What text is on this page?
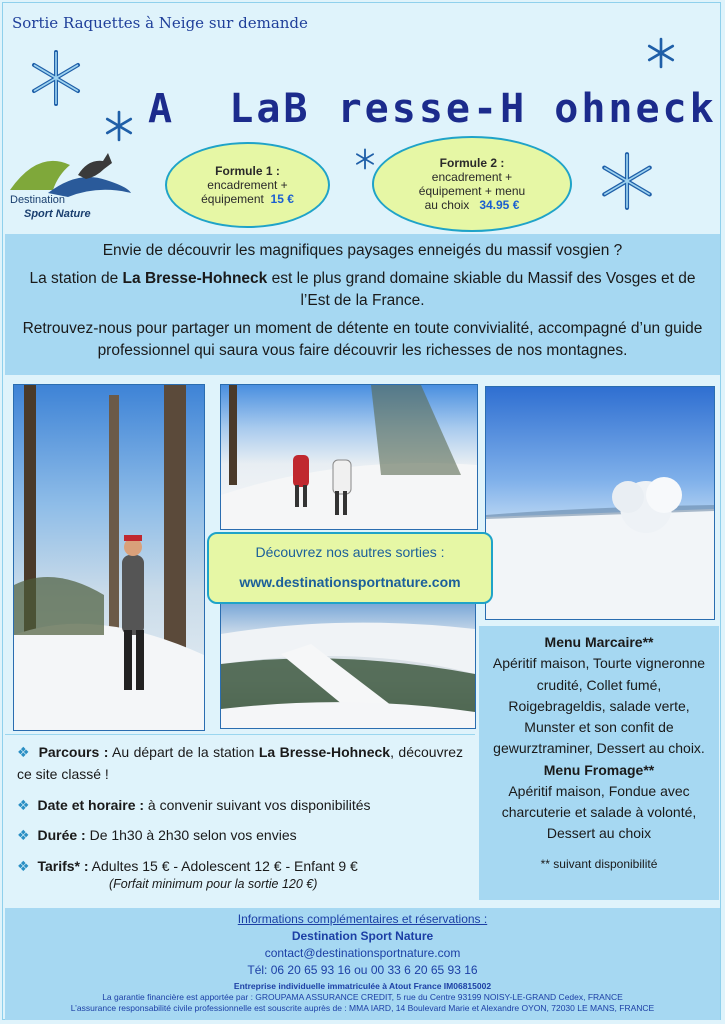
Sortie Raquettes à Neige sur demande
A  LaB resse-H ohneck
Destination
Sport Nature
Formule 1 :
encadrement +
équipement 15 €
Formule 2 :
encadrement +
équipement + menu
au choix 34.95 €

Envie de découvrir les magnifiques paysages enneigés du massif vosgien ?

La station de La Bresse-Hohneck est le plus grand domaine skiable du Massif des Vosges et de l’Est de la France.

Retrouvez-nous pour partager un moment de détente en toute convivialité, accompagné d’un guide professionnel qui saura vous faire découvrir les richesses de nos montagnes.

Découvrez nos autres sorties :
www.destinationsportnature.com
❖ Parcours : Au départ de la station La Bresse-Hohneck, découvrez ce site classé !
❖ Date et horaire : à convenir suivant vos disponibilités
❖ Durée : De 1h30 à 2h30 selon vos envies
❖ Tarifs* : Adultes 15 € - Adolescent 12 € - Enfant 9 €
(Forfait minimum pour la sortie 120 €)
Menu Marcaire**
Apéritif maison, Tourte vigneronne crudité, Collet fumé, Roigebrageldis, salade verte, Munster et son confit de gewurztraminer, Dessert au choix.
Menu Fromage**
Apéritif maison, Fondue avec charcuterie et salade à volonté, Dessert au choix
** suivant disponibilité
Informations complémentaires et réservations :
Destination Sport Nature
contact@destinationsportnature.com
Tél: 06 20 65 93 16 ou 00 33 6 20 65 93 16
Entreprise individuelle immatriculée à Atout France IM06815002
La garantie financière est apportée par : GROUPAMA ASSURANCE CREDIT, 5 rue du Centre 93199 NOISY-LE-GRAND Cedex, FRANCE
L’assurance responsabilité civile professionnelle est souscrite auprès de : MMA IARD, 14 Boulevard Marie et Alexandre OYON, 72030 LE MANS, FRANCE
